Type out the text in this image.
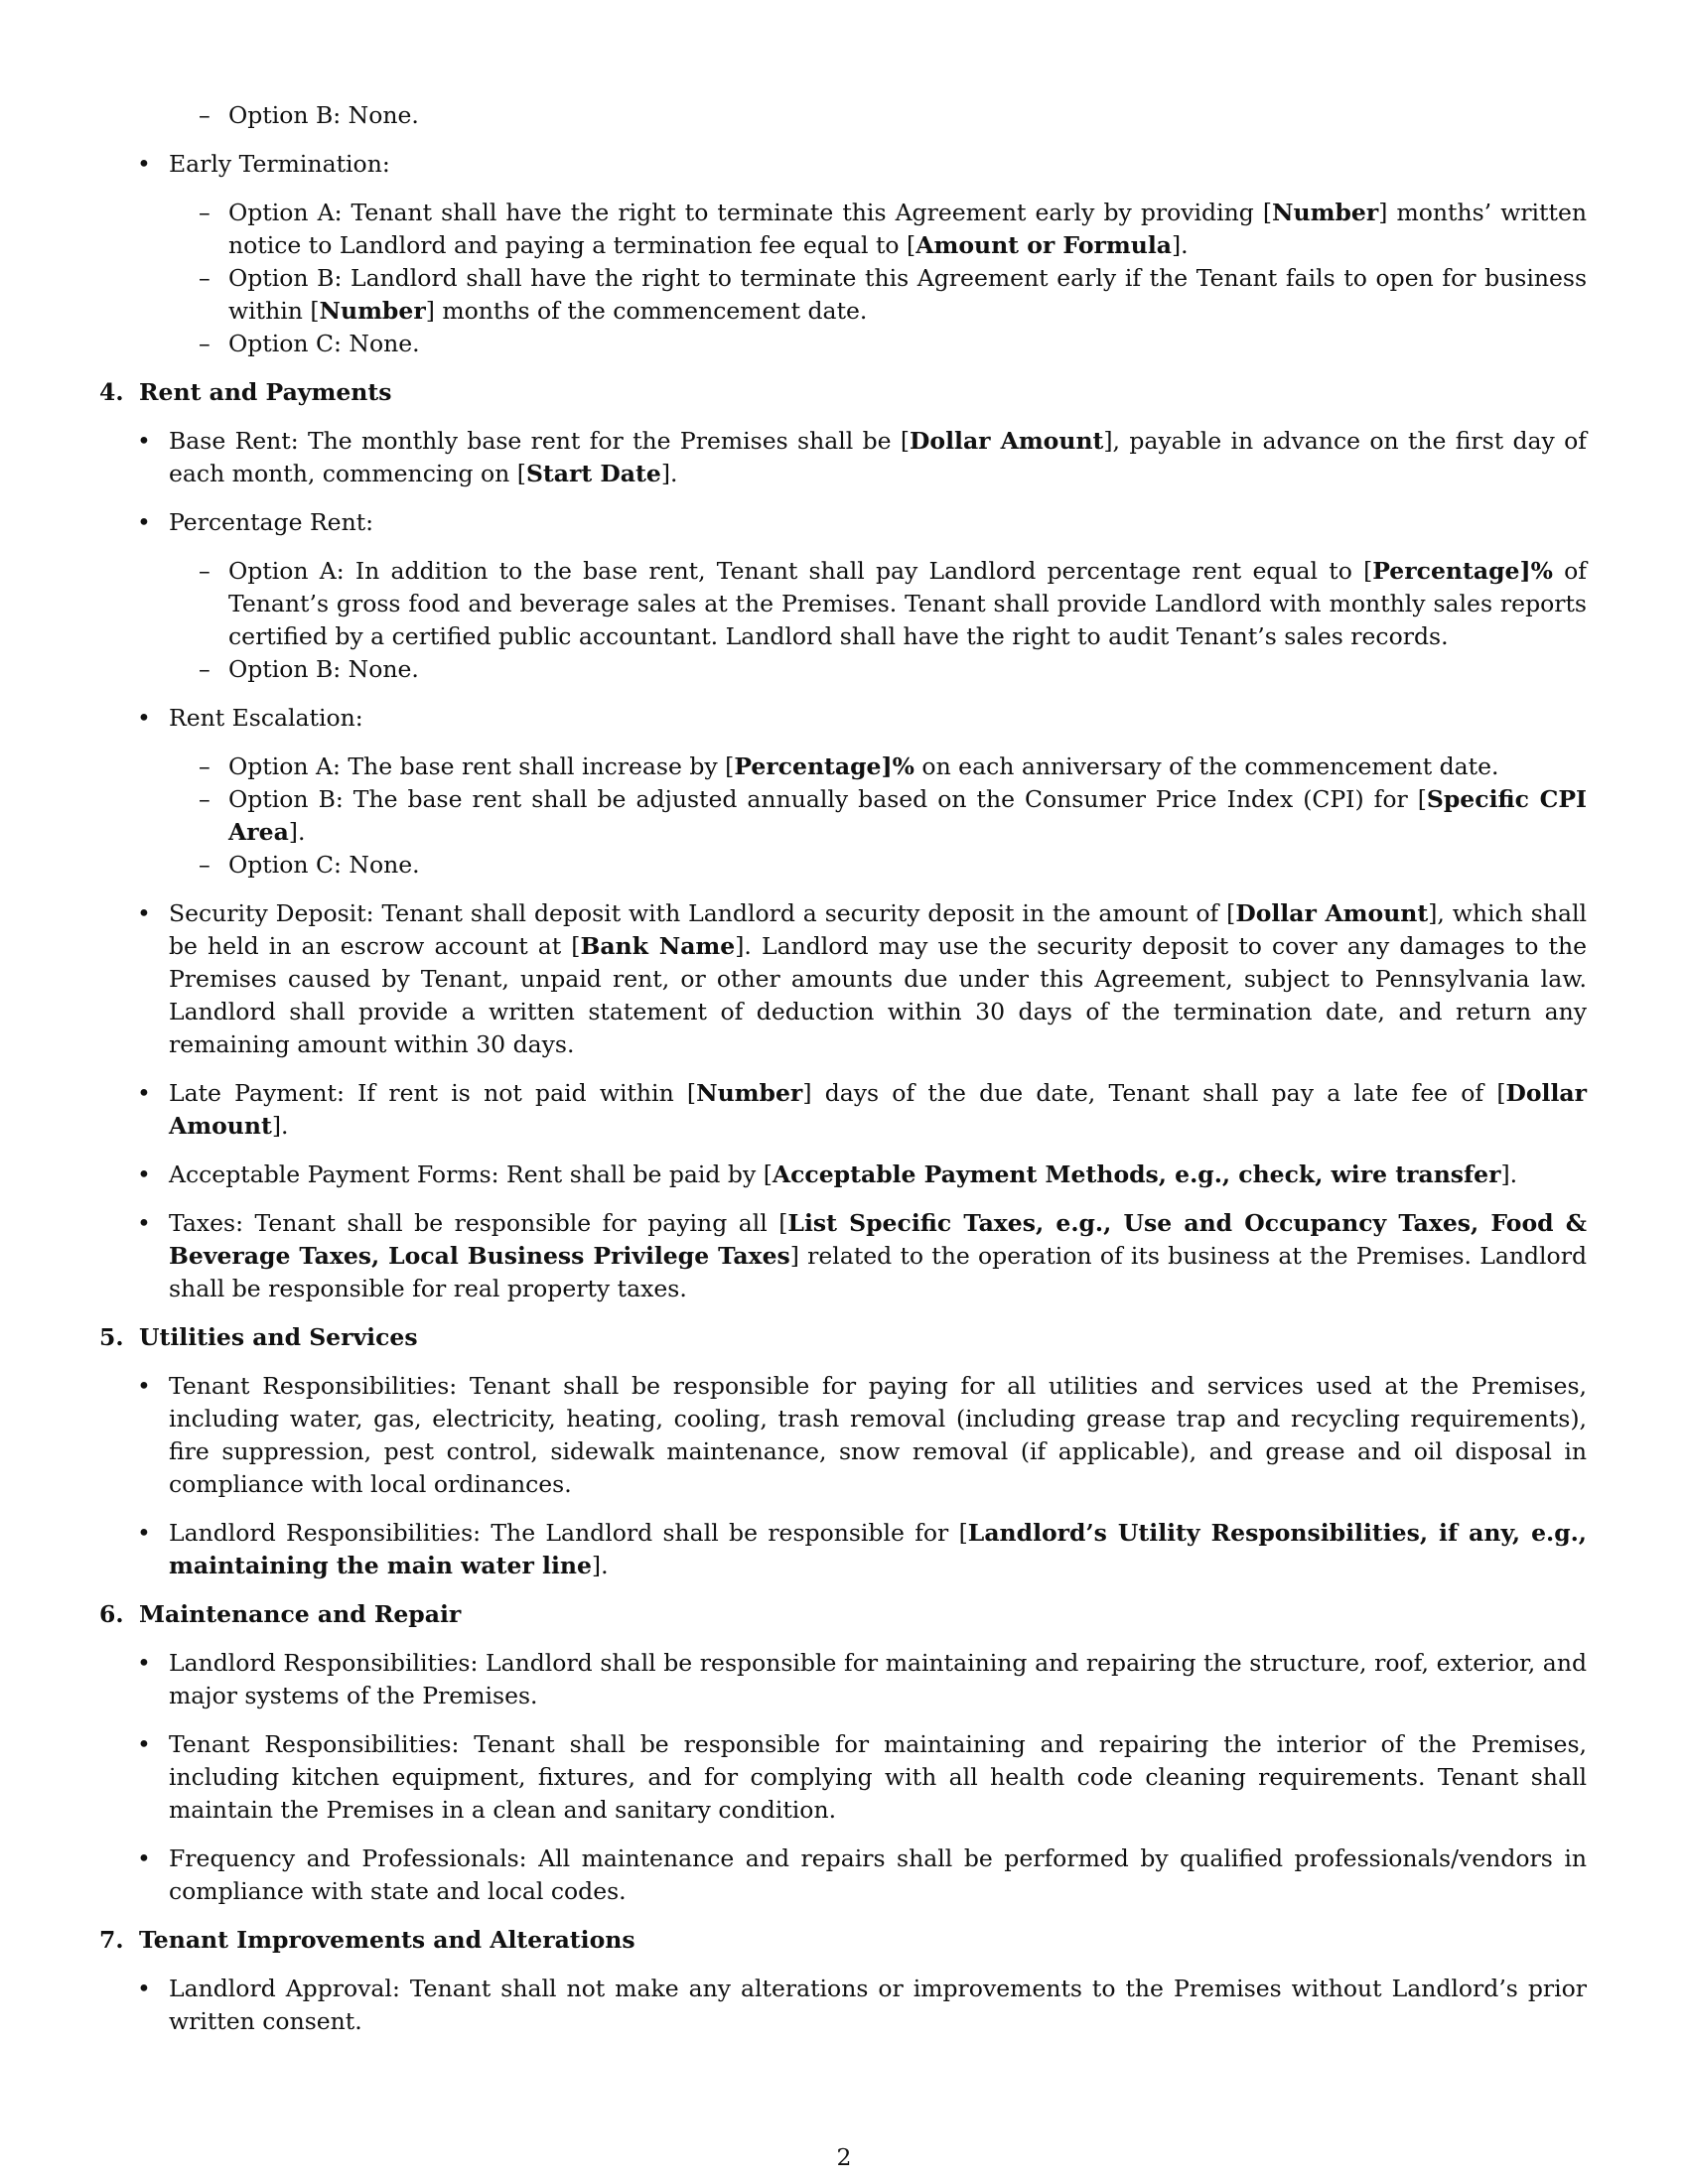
– Option B: None.
• Early Termination:
– Option A: Tenant shall have the right to terminate this Agreement early by providing [Number] months’ written notice to Landlord and paying a termination fee equal to [Amount or Formula].
– Option B: Landlord shall have the right to terminate this Agreement early if the Tenant fails to open for business within [Number] months of the commencement date.
– Option C: None.
4. Rent and Payments
• Base Rent: The monthly base rent for the Premises shall be [Dollar Amount], payable in advance on the first day of each month, commencing on [Start Date].
• Percentage Rent:
– Option A: In addition to the base rent, Tenant shall pay Landlord percentage rent equal to [Percentage]% of Tenant’s gross food and beverage sales at the Premises. Tenant shall provide Landlord with monthly sales reports certified by a certified public accountant. Landlord shall have the right to audit Tenant’s sales records.
– Option B: None.
• Rent Escalation:
– Option A: The base rent shall increase by [Percentage]% on each anniversary of the commencement date.
– Option B: The base rent shall be adjusted annually based on the Consumer Price Index (CPI) for [Specific CPI Area].
– Option C: None.
• Security Deposit: Tenant shall deposit with Landlord a security deposit in the amount of [Dollar Amount], which shall be held in an escrow account at [Bank Name]. Landlord may use the security deposit to cover any damages to the Premises caused by Tenant, unpaid rent, or other amounts due under this Agreement, subject to Pennsylvania law. Landlord shall provide a written statement of deduction within 30 days of the termination date, and return any remaining amount within 30 days.
• Late Payment: If rent is not paid within [Number] days of the due date, Tenant shall pay a late fee of [Dollar Amount].
• Acceptable Payment Forms: Rent shall be paid by [Acceptable Payment Methods, e.g., check, wire transfer].
• Taxes: Tenant shall be responsible for paying all [List Specific Taxes, e.g., Use and Occupancy Taxes, Food & Beverage Taxes, Local Business Privilege Taxes] related to the operation of its business at the Premises. Landlord shall be responsible for real property taxes.
5. Utilities and Services
• Tenant Responsibilities: Tenant shall be responsible for paying for all utilities and services used at the Premises, including water, gas, electricity, heating, cooling, trash removal (including grease trap and recycling requirements), fire suppression, pest control, sidewalk maintenance, snow removal (if applicable), and grease and oil disposal in compliance with local ordinances.
• Landlord Responsibilities: The Landlord shall be responsible for [Landlord’s Utility Responsibilities, if any, e.g., maintaining the main water line].
6. Maintenance and Repair
• Landlord Responsibilities: Landlord shall be responsible for maintaining and repairing the structure, roof, exterior, and major systems of the Premises.
• Tenant Responsibilities: Tenant shall be responsible for maintaining and repairing the interior of the Premises, including kitchen equipment, fixtures, and for complying with all health code cleaning requirements. Tenant shall maintain the Premises in a clean and sanitary condition.
• Frequency and Professionals: All maintenance and repairs shall be performed by qualified professionals/vendors in compliance with state and local codes.
7. Tenant Improvements and Alterations
• Landlord Approval: Tenant shall not make any alterations or improvements to the Premises without Landlord’s prior written consent.
2
